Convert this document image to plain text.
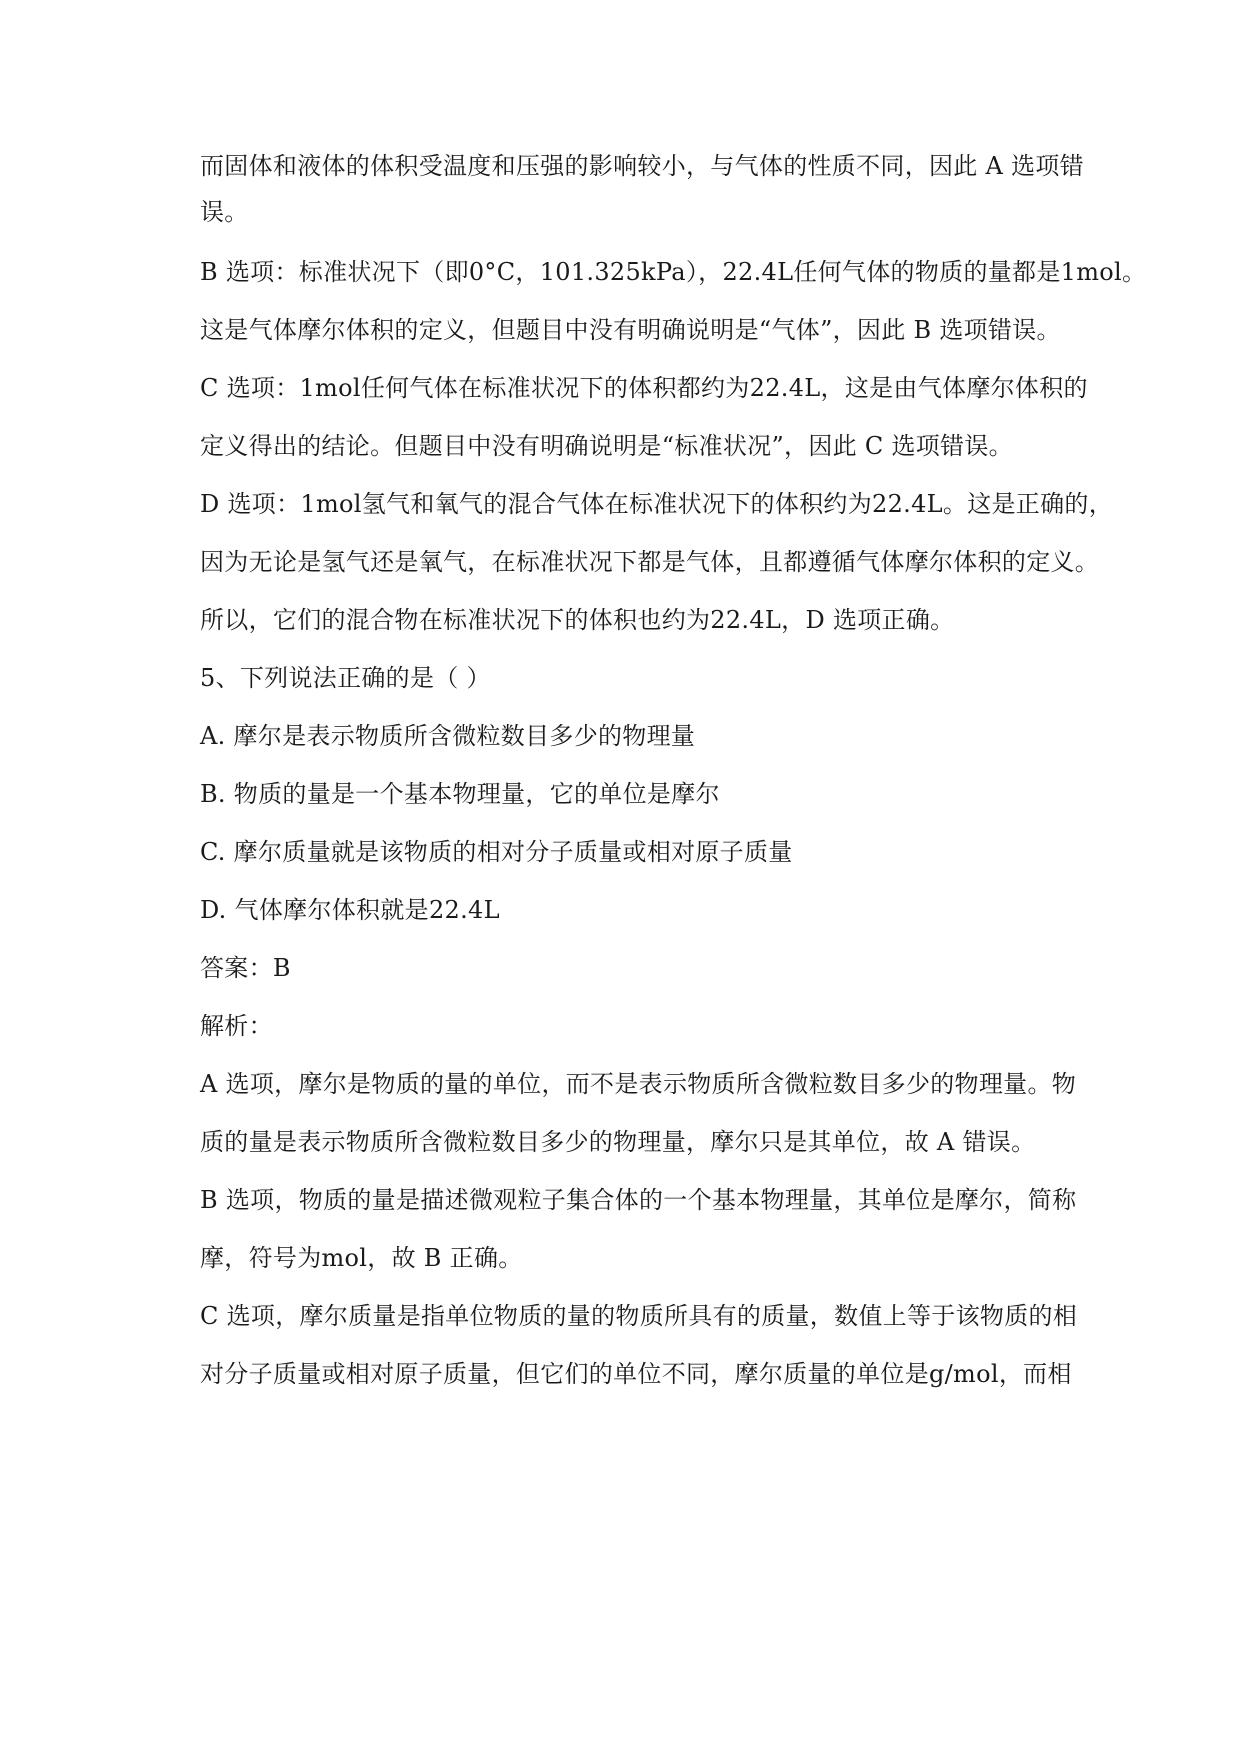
而固体和液体的体积受温度和压强的影响较小，与气体的性质不同，因此 A 选项错
误。
B 选项：标准状况下（即0°C，101.325kPa），22.4L任何气体的物质的量都是1mol。
这是气体摩尔体积的定义，但题目中没有明确说明是“气体”，因此 B 选项错误。
C 选项：1mol任何气体在标准状况下的体积都约为22.4L，这是由气体摩尔体积的
定义得出的结论。但题目中没有明确说明是“标准状况”，因此 C 选项错误。
D 选项：1mol氢气和氧气的混合气体在标准状况下的体积约为22.4L。这是正确的，
因为无论是氢气还是氧气，在标准状况下都是气体，且都遵循气体摩尔体积的定义。
所以，它们的混合物在标准状况下的体积也约为22.4L，D 选项正确。
5、下列说法正确的是（ ）
A. 摩尔是表示物质所含微粒数目多少的物理量
B. 物质的量是一个基本物理量，它的单位是摩尔
C. 摩尔质量就是该物质的相对分子质量或相对原子质量
D. 气体摩尔体积就是22.4L
答案：B
解析：
A 选项，摩尔是物质的量的单位，而不是表示物质所含微粒数目多少的物理量。物
质的量是表示物质所含微粒数目多少的物理量，摩尔只是其单位，故 A 错误。
B 选项，物质的量是描述微观粒子集合体的一个基本物理量，其单位是摩尔，简称
摩，符号为mol，故 B 正确。
C 选项，摩尔质量是指单位物质的量的物质所具有的质量，数值上等于该物质的相
对分子质量或相对原子质量，但它们的单位不同，摩尔质量的单位是g/mol，而相
